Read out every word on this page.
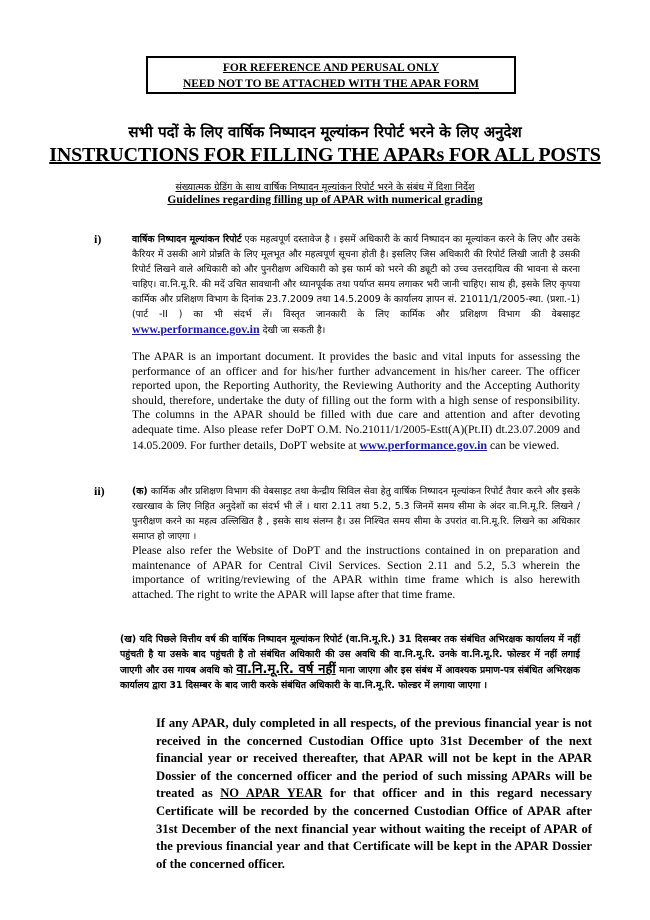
FOR REFERENCE AND PERUSAL ONLY
NEED NOT TO BE ATTACHED WITH THE APAR FORM
सभी पदों के लिए वार्षिक निष्पादन मूल्यांकन रिपोर्ट भरने के लिए अनुदेश
INSTRUCTIONS FOR FILLING THE APARs FOR ALL POSTS
संख्यात्मक ग्रेडिंग के साथ वार्षिक निष्पादन मूल्यांकन रिपोर्ट भरने के संबंध में दिशा निर्देश
Guidelines regarding filling up of APAR with numerical grading
i)	वार्षिक निष्पादन मूल्यांकन रिपोर्ट एक महत्वपूर्ण दस्तावेज है । इसमें अधिकारी के कार्य निष्पादन का मूल्यांकन करने के लिए और उसके कैरियर में उसकी आगे प्रोन्नति के लिए मूलभूत और महत्वपूर्ण सूचना होती है। इसलिए जिस अधिकारी की रिपोर्ट लिखी जाती है उसकी रिपोर्ट लिखने वाले अधिकारी को और पुनरीक्षण अधिकारी को इस फार्म को भरने की ड्यूटी को उच्च उत्तरदायित्व की भावना से करना चाहिए। वा.नि.मू.रि. की मदें उचित सावधानी और ध्यानपूर्वक तथा पर्याप्त समय लगाकर भरी जानी चाहिए। साथ ही, इसके लिए कृपया कार्मिक और प्रशिक्षण विभाग के दिनांक 23.7.2009 तथा 14.5.2009 के कार्यालय ज्ञापन सं. 21011/1/2005-स्था. (प्रशा.-1) (पार्ट -II ) का भी संदर्भ लें। विस्तृत जानकारी के लिए कार्मिक और प्रशिक्षण विभाग की वेबसाइट www.performance.gov.in देखी जा सकती है।
The APAR is an important document. It provides the basic and vital inputs for assessing the performance of an officer and for his/her further advancement in his/her career. The officer reported upon, the Reporting Authority, the Reviewing Authority and the Accepting Authority should, therefore, undertake the duty of filling out the form with a high sense of responsibility. The columns in the APAR should be filled with due care and attention and after devoting adequate time. Also please refer DoPT O.M. No.21011/1/2005-Estt(A)(Pt.II) dt.23.07.2009 and 14.05.2009. For further details, DoPT website at www.performance.gov.in can be viewed.
ii)	(क) कार्मिक और प्रशिक्षण विभाग की वेबसाइट तथा केन्द्रीय सिविल सेवा हेतु वार्षिक निष्पादन मूल्यांकन रिपोर्ट तैयार करने और इसके रखरखाव के लिए निहित अनुदेशों का संदर्भ भी लें । धारा 2.11 तथा 5.2, 5.3 जिनमें समय सीमा के अंदर वा.नि.मू.रि. लिखने /पुनरीक्षण करने का महत्व उल्लिखित है , इसके साथ संलग्न है। उस निश्चित समय सीमा के उपरांत वा.नि.मू.रि. लिखने का अधिकार समाप्त हो जाएगा ।
Please also refer the Website of DoPT and the instructions contained in on preparation and maintenance of APAR for Central Civil Services. Section 2.11 and 5.2, 5.3 wherein the importance of writing/reviewing of the APAR within time frame which is also herewith attached. The right to write the APAR will lapse after that time frame.
(ख) यदि पिछले वित्तीय वर्ष की वार्षिक निष्पादन मूल्यांकन रिपोर्ट (वा.नि.मू.रि.) 31 दिसम्बर तक संबंधित अभिरक्षक कार्यालय में नहीं पहुंचती है या उसके बाद पहुंचती है तो संबंधित अधिकारी की उस अवधि की वा.नि.मू.रि. उनके वा.नि.मू.रि. फोल्डर में नहीं लगाई जाएगी और उस गायब अवधि को वा.नि.मू.रि. वर्ष नहीं माना जाएगा और इस संबंध में आवश्यक प्रमाण-पत्र संबंधित अभिरक्षक कार्यालय द्वारा 31 दिसम्बर के बाद जारी करके संबंधित अधिकारी के वा.नि.मू.रि. फोल्डर में लगाया जाएगा ।
If any APAR, duly completed in all respects, of the previous financial year is not received in the concerned Custodian Office upto 31st December of the next financial year or received thereafter, that APAR will not be kept in the APAR Dossier of the concerned officer and the period of such missing APARs will be treated as NO APAR YEAR for that officer and in this regard necessary Certificate will be recorded by the concerned Custodian Office of APAR after 31st December of the next financial year without waiting the receipt of APAR of the previous financial year and that Certificate will be kept in the APAR Dossier of the concerned officer.
